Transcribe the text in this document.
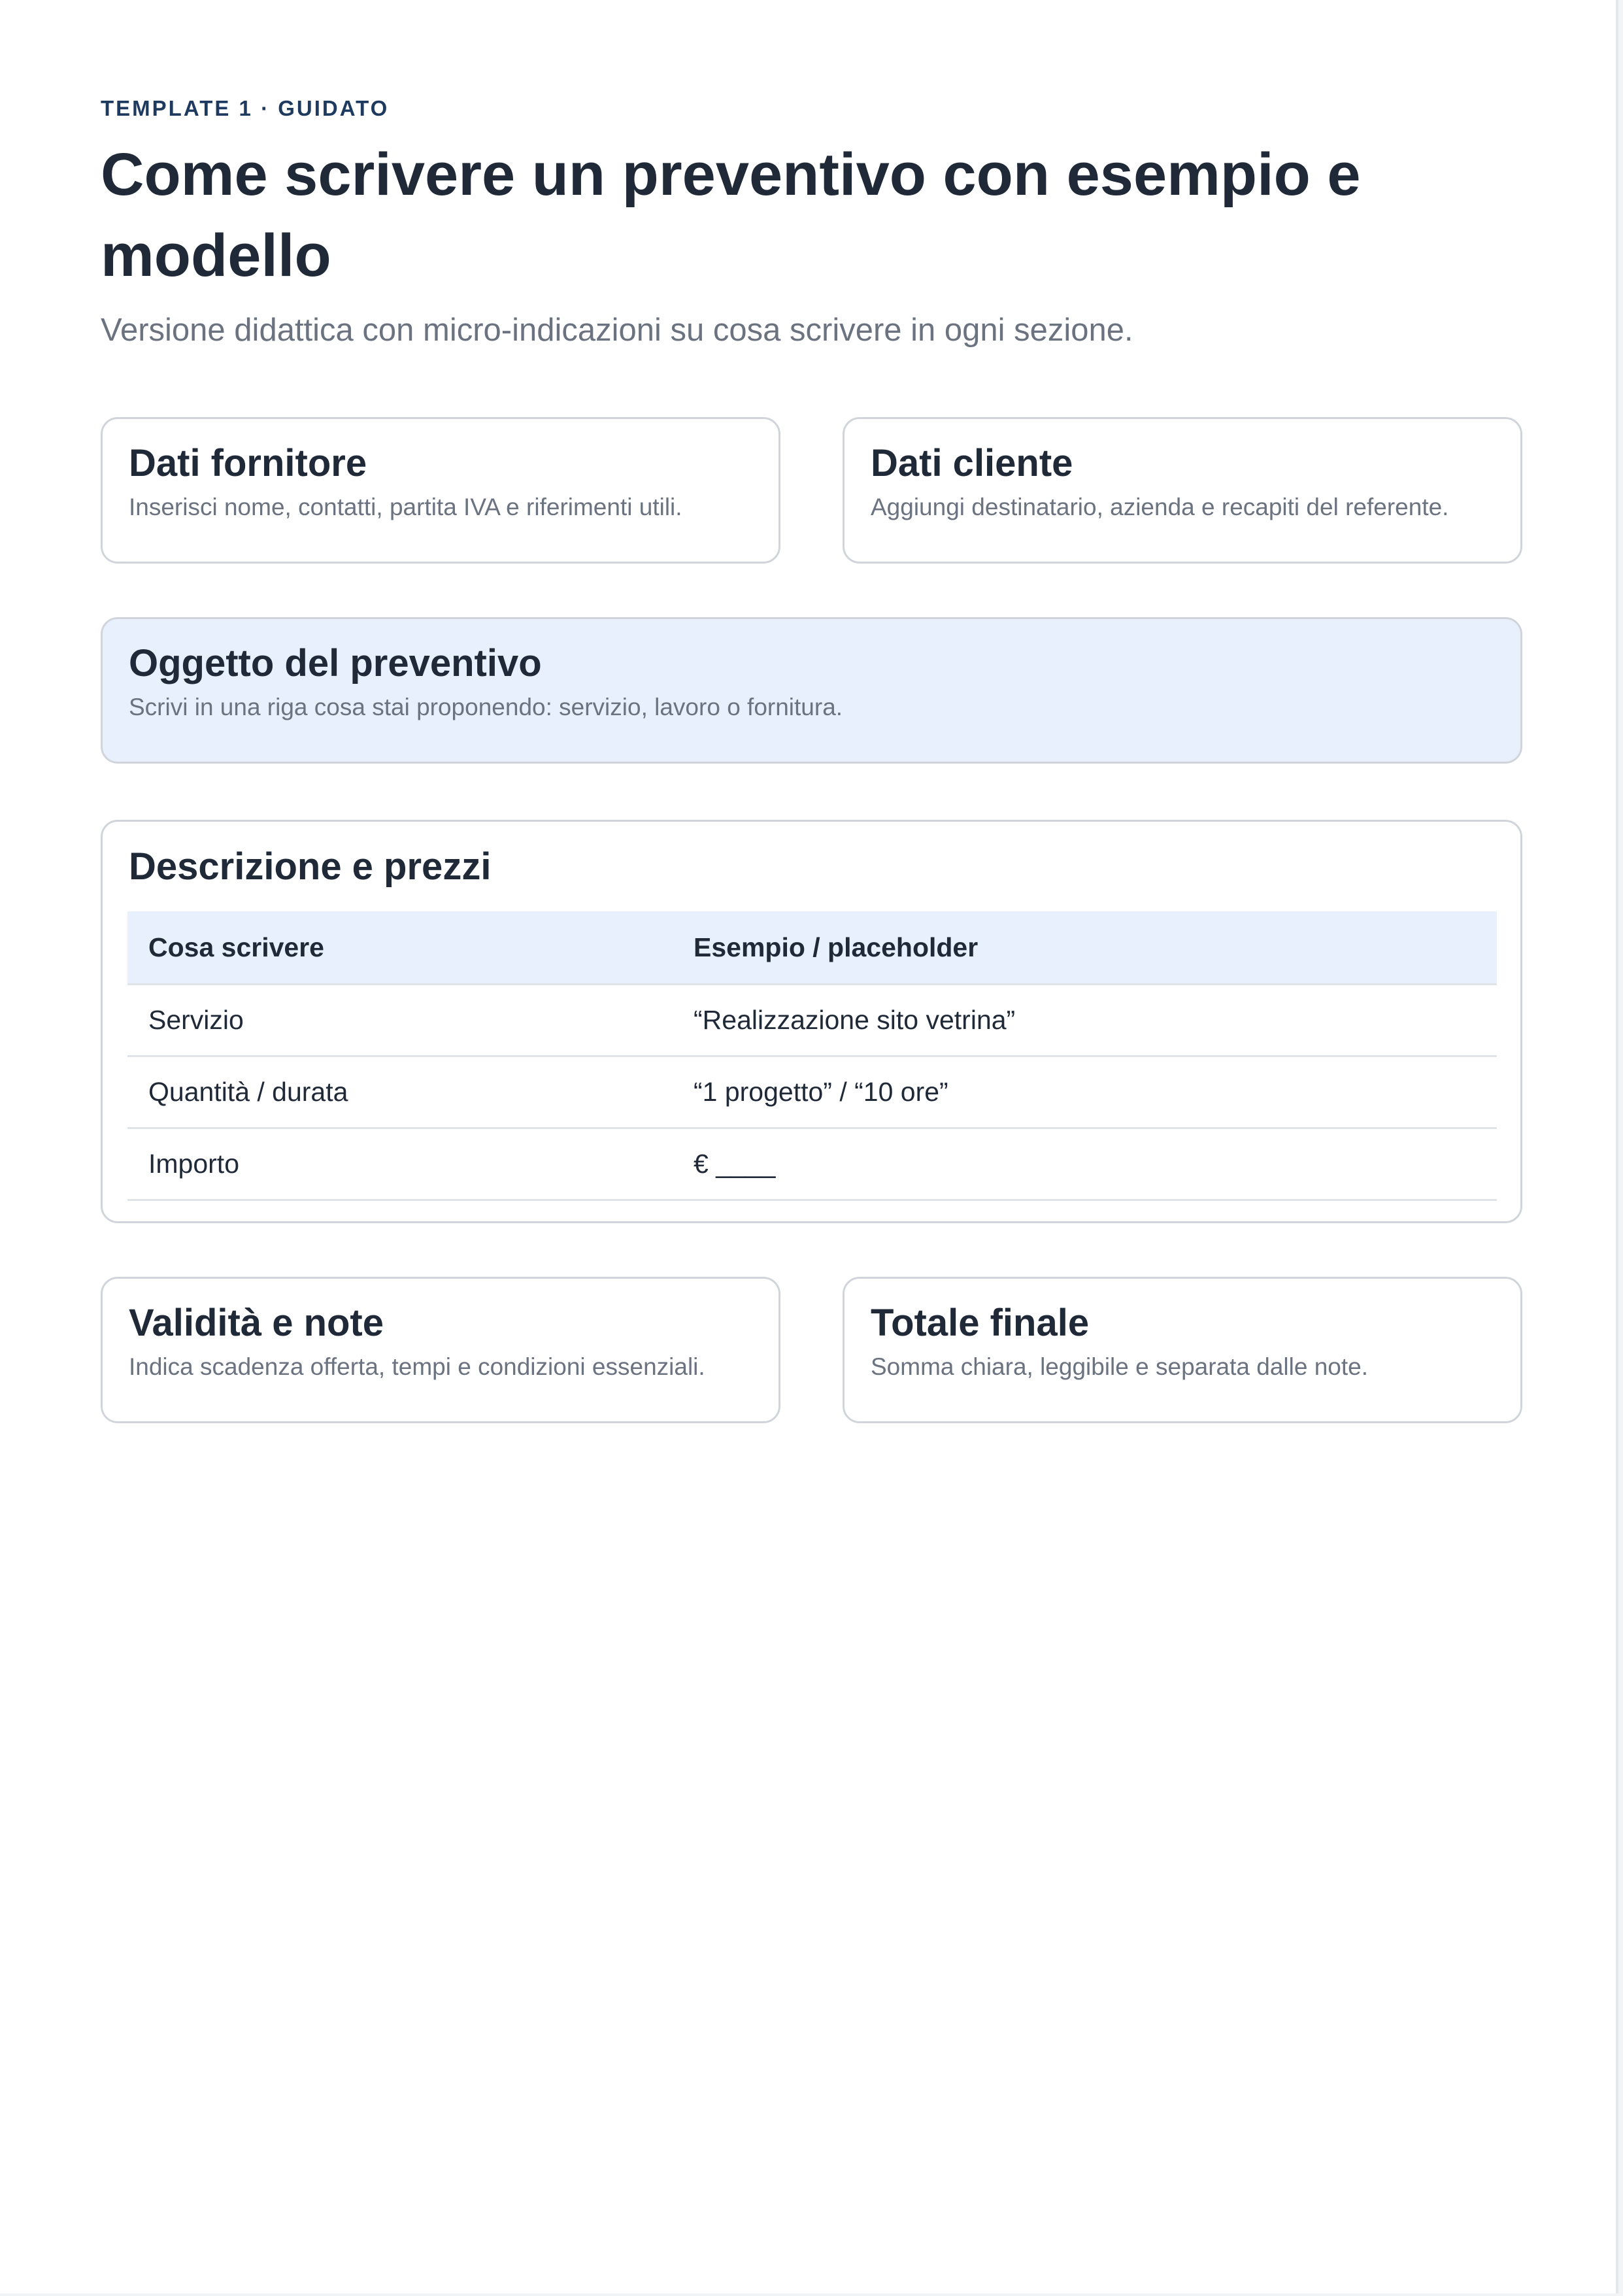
TEMPLATE 1 · GUIDATO
Come scrivere un preventivo con esempio e modello

Versione didattica con micro-indicazioni su cosa scrivere in ogni sezione.

Dati fornitore

Inserisci nome, contatti, partita IVA e riferimenti utili.

Dati cliente

Aggiungi destinatario, azienda e recapiti del referente.

Oggetto del preventivo

Scrivi in una riga cosa stai proponendo: servizio, lavoro o fornitura.

Descrizione e prezzi
Cosa scrivere	Esempio / placeholder
Servizio	“Realizzazione sito vetrina”
Quantità / durata	“1 progetto” / “10 ore”
Importo	€ ____
Validità e note

Indica scadenza offerta, tempi e condizioni essenziali.

Totale finale

Somma chiara, leggibile e separata dalle note.
